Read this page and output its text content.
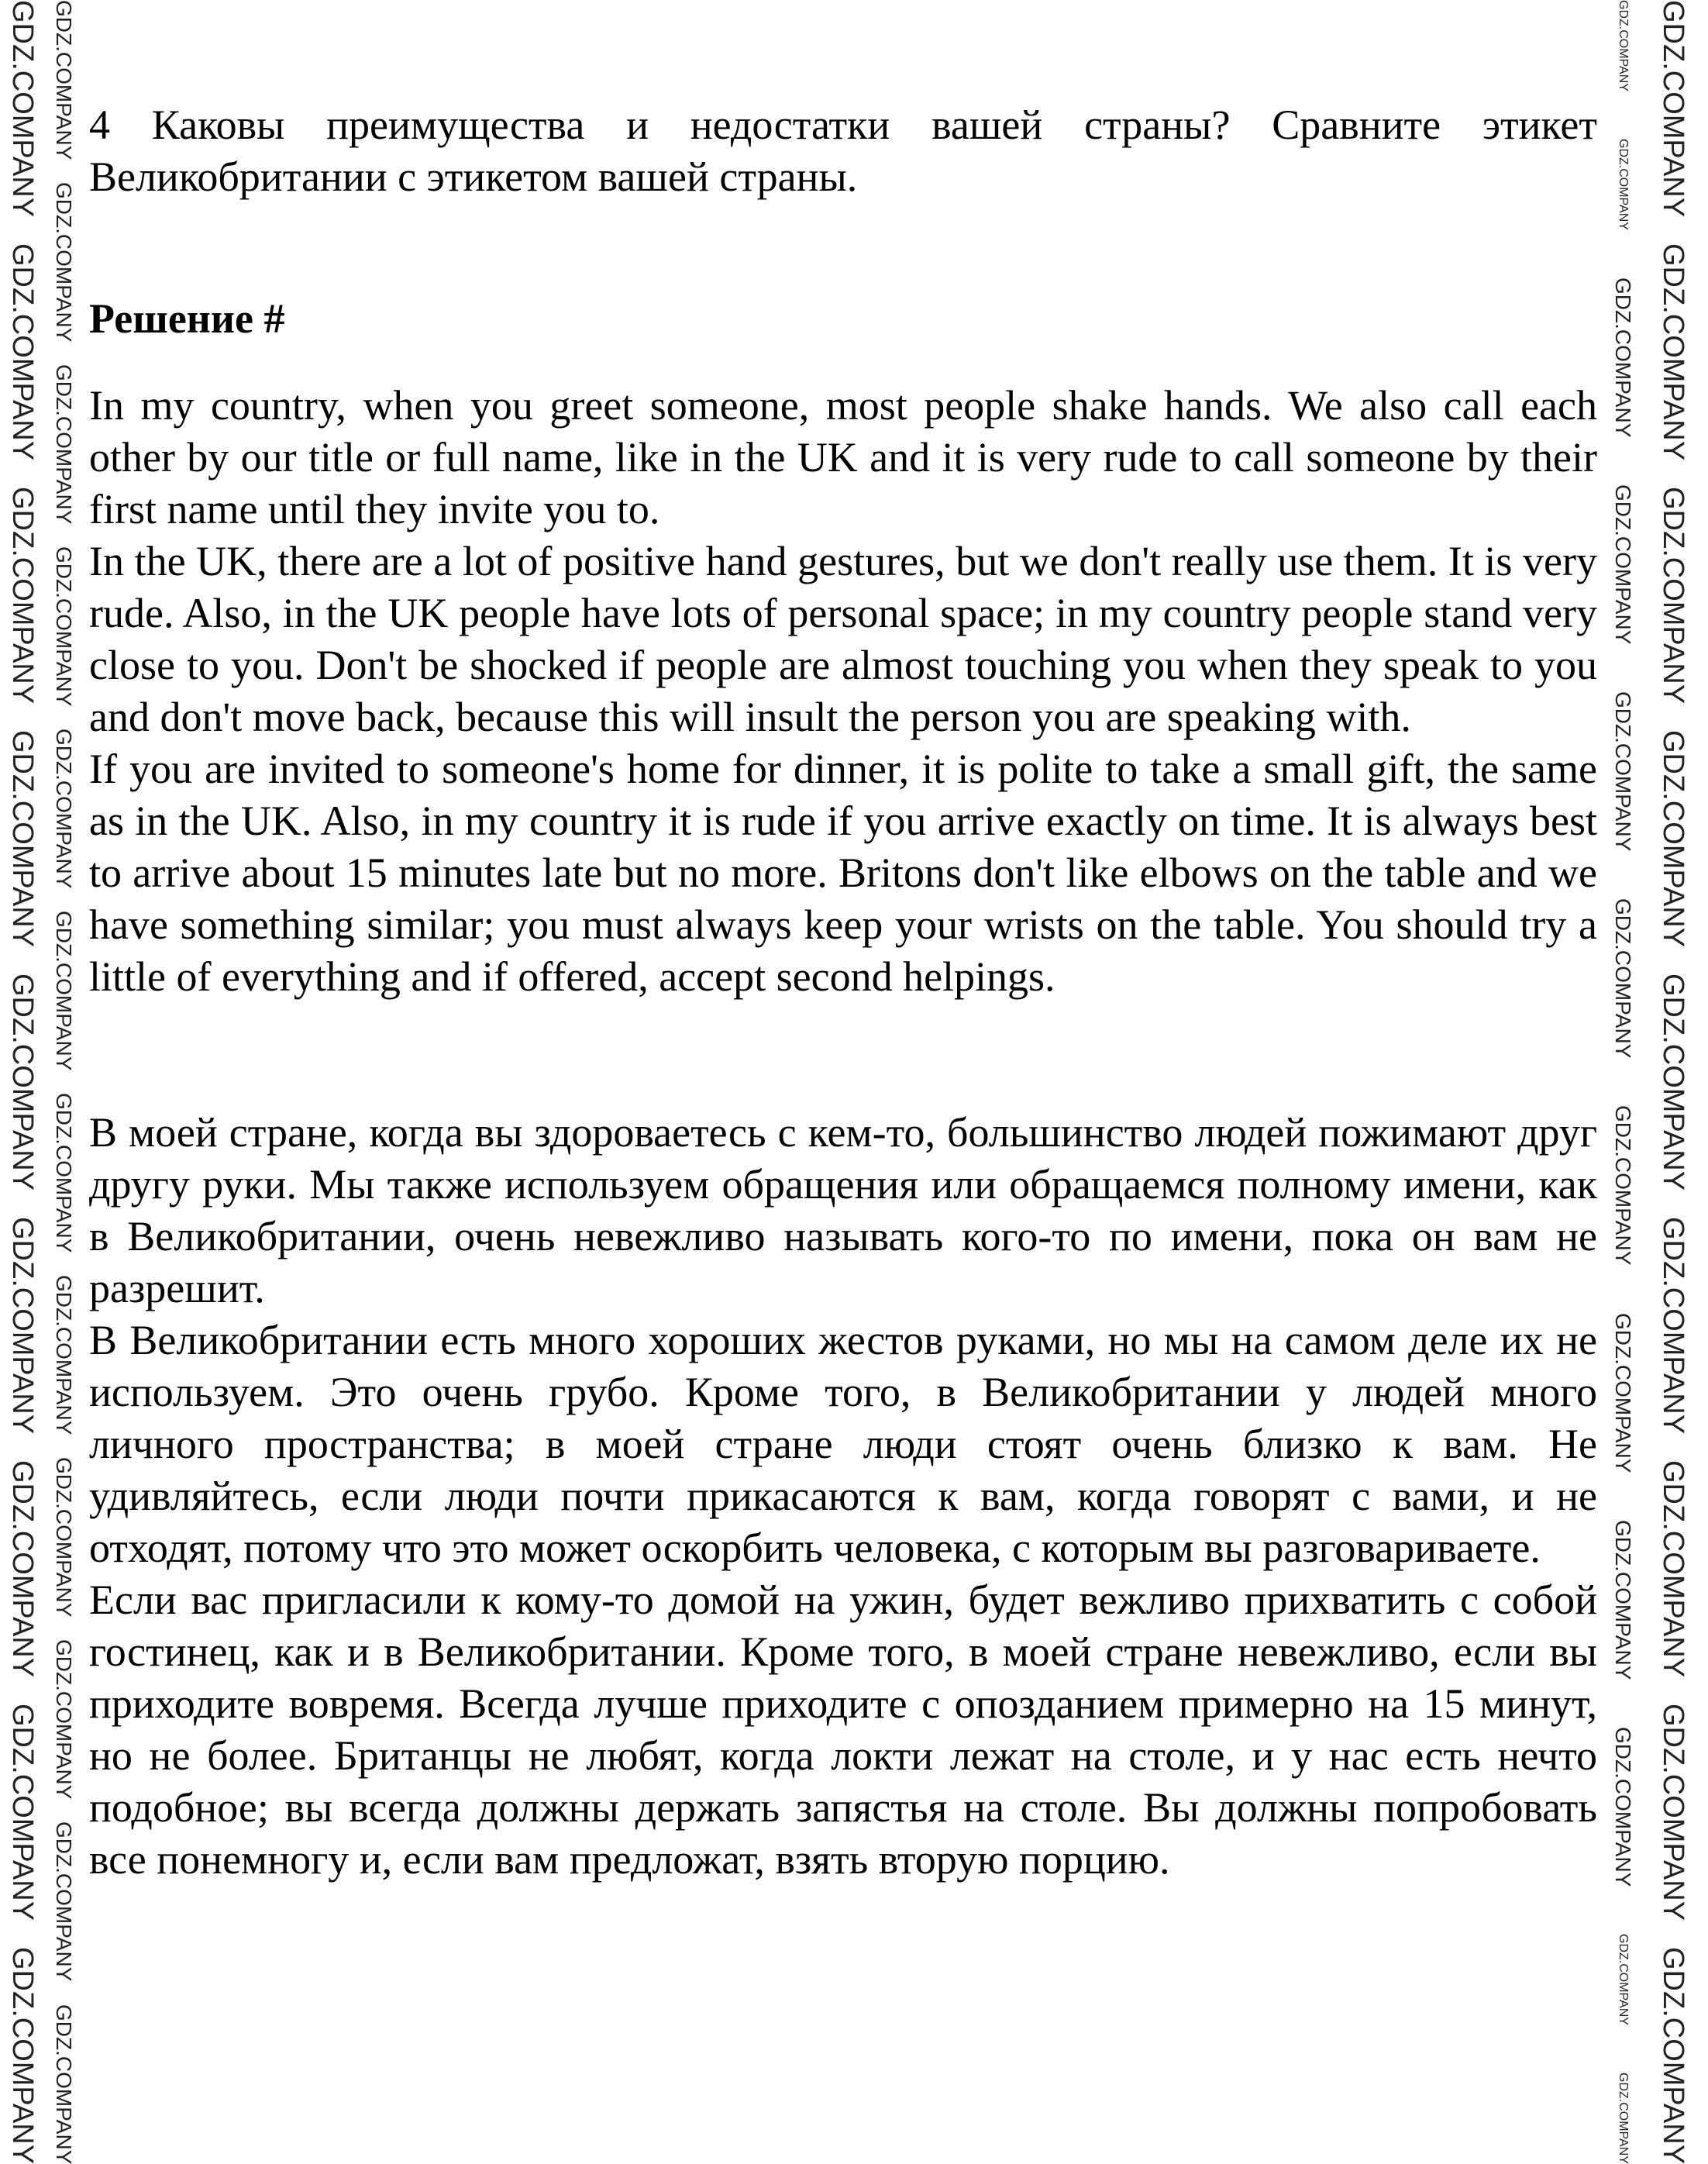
4 Каковы преимущества и недостатки вашей страны? Сравните этикет Великобритании с этикетом вашей страны.
Решение #

In my country, when you greet someone, most people shake hands. We also call each other by our title or full name, like in the UK and it is very rude to call someone by their first name until they invite you to.

In the UK, there are a lot of positive hand gestures, but we don't really use them. It is very rude. Also, in the UK people have lots of personal space; in my country people stand very close to you. Don't be shocked if people are almost touching you when they speak to you and don't move back, because this will insult the person you are speaking with.

If you are invited to someone's home for dinner, it is polite to take a small gift, the same as in the UK. Also, in my country it is rude if you arrive exactly on time. It is always best to arrive about 15 minutes late but no more. Britons don't like elbows on the table and we have something similar; you must always keep your wrists on the table. You should try a little of everything and if offered, accept second helpings.

В моей стране, когда вы здороваетесь с кем-то, большинство людей пожимают друг другу руки. Мы также используем обращения или обращаемся полному имени, как в Великобритании, очень невежливо называть кого-то по имени, пока он вам не разрешит.

В Великобритании есть много хороших жестов руками, но мы на самом деле их не используем. Это очень грубо. Кроме того, в Великобритании у людей много личного пространства; в моей стране люди стоят очень близко к вам. Не удивляйтесь, если люди почти прикасаются к вам, когда говорят с вами, и не отходят, потому что это может оскорбить человека, с которым вы разговариваете.

Если вас пригласили к кому-то домой на ужин, будет вежливо прихватить с собой гостинец, как и в Великобритании. Кроме того, в моей стране невежливо, если вы приходите вовремя. Всегда лучше приходите с опозданием примерно на 15 минут, но не более. Британцы не любят, когда локти лежат на столе, и у нас есть нечто подобное; вы всегда должны держать запястья на столе. Вы должны попробовать все понемногу и, если вам предложат, взять вторую порцию.

GDZ.COMPANY
GDZ.COMPANY
GDZ.COMPANY
GDZ.COMPANY
GDZ.COMPANY
GDZ.COMPANY
GDZ.COMPANY
GDZ.COMPANY
GDZ.COMPANY
GDZ.COMPANY
GDZ.COMPANY
GDZ.COMPANY
GDZ.COMPANY
GDZ.COMPANY
GDZ.COMPANY
GDZ.COMPANY
GDZ.COMPANY
GDZ.COMPANY
GDZ.COMPANY
GDZ.COMPANY
GDZ.COMPANY
GDZ.COMPANY
GDZ.COMPANY
GDZ.COMPANY
GDZ.COMPANY
GDZ.COMPANY
GDZ.COMPANY
GDZ.COMPANY
GDZ.COMPANY
GDZ.COMPANY
GDZ.COMPANY
GDZ.COMPANY
GDZ.COMPANY
GDZ.COMPANY
GDZ.COMPANY
GDZ.COMPANY
GDZ.COMPANY
GDZ.COMPANY
GDZ.COMPANY
GDZ.COMPANY
GDZ.COMPANY
GDZ.COMPANY
